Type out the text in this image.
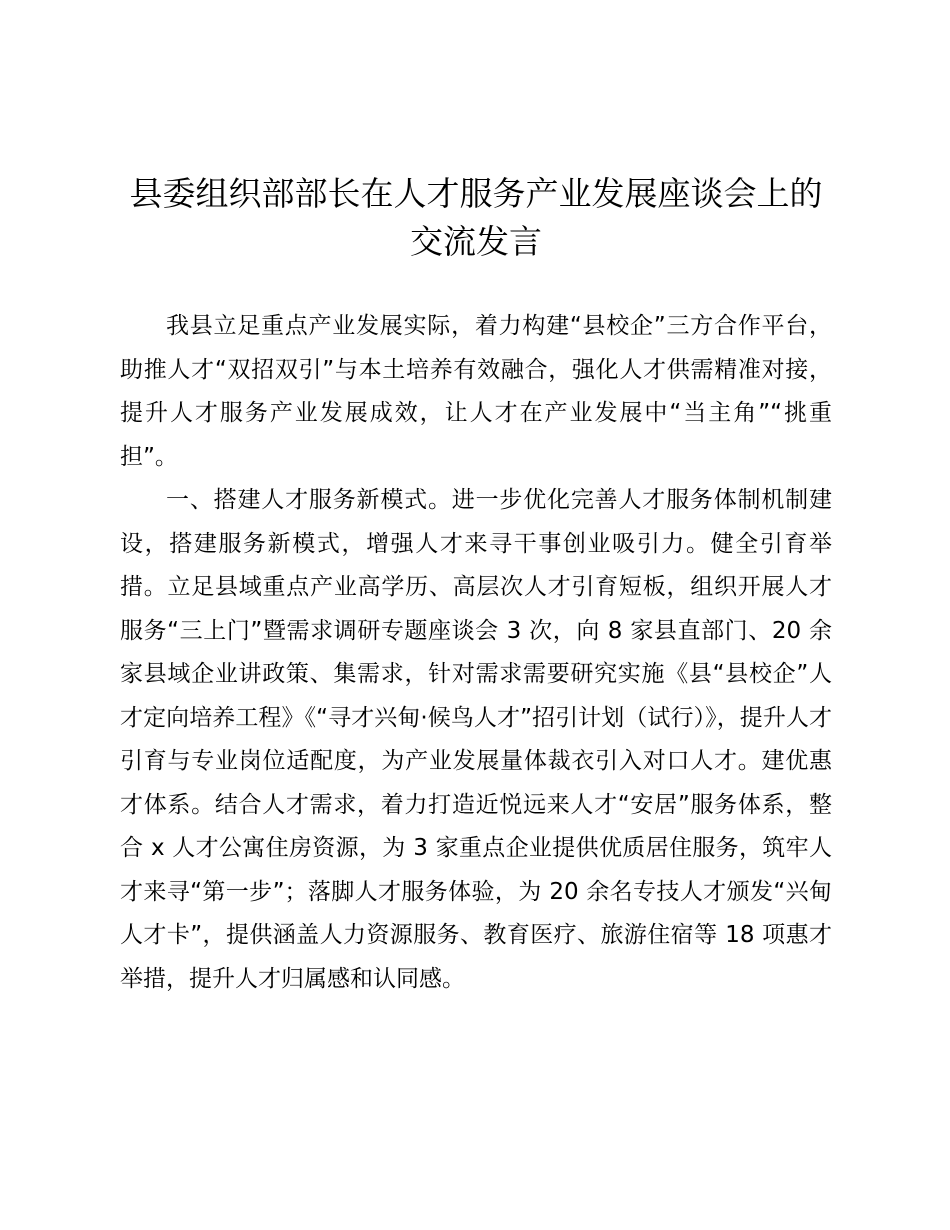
县委组织部部长在人才服务产业发展座谈会上的交流发言

我县立足重点产业发展实际，着力构建“县校企”三方合作平台，助推人才“双招双引”与本土培养有效融合，强化人才供需精准对接，提升人才服务产业发展成效，让人才在产业发展中“当主角”“挑重担”。

一、搭建人才服务新模式。进一步优化完善人才服务体制机制建设，搭建服务新模式，增强人才来寻干事创业吸引力。健全引育举措。立足县域重点产业高学历、高层次人才引育短板，组织开展人才服务“三上门”暨需求调研专题座谈会 3 次，向 8 家县直部门、20 余家县域企业讲政策、集需求，针对需求需要研究实施《县“县校企”人才定向培养工程》《“寻才兴甸·候鸟人才”招引计划（试行）》，提升人才引育与专业岗位适配度，为产业发展量体裁衣引入对口人才。建优惠才体系。结合人才需求，着力打造近悦远来人才“安居”服务体系，整合 x 人才公寓住房资源，为 3 家重点企业提供优质居住服务，筑牢人才来寻“第一步”；落脚人才服务体验，为 20 余名专技人才颁发“兴甸人才卡”，提供涵盖人力资源服务、教育医疗、旅游住宿等 18 项惠才举措，提升人才归属感和认同感。
